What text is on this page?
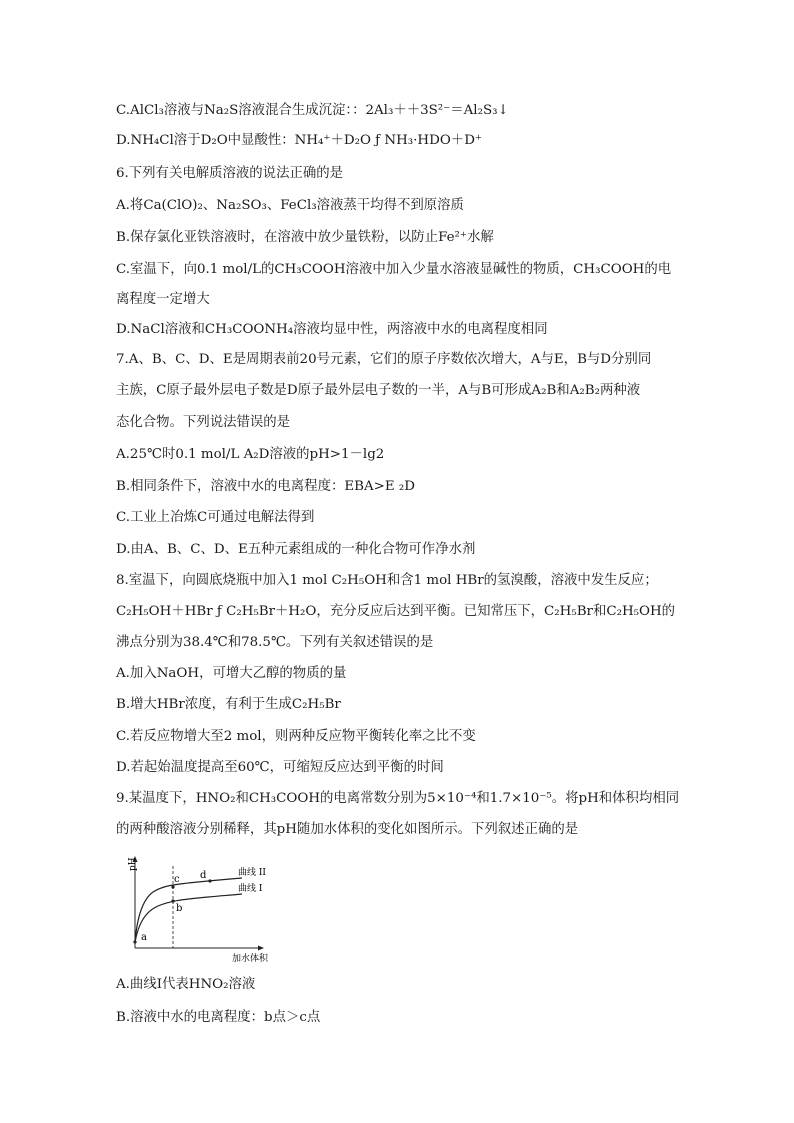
C.AlCl₃溶液与Na₂S溶液混合生成沉淀：：2Al₃＋＋3S²⁻＝Al₂S₃↓
D.NH₄Cl溶于D₂O中显酸性：NH₄⁺＋D₂O ƒ NH₃·HDO＋D⁺
6.下列有关电解质溶液的说法正确的是
A.将Ca(ClO)₂、Na₂SO₃、FeCl₃溶液蒸干均得不到原溶质
B.保存氯化亚铁溶液时，在溶液中放少量铁粉，以防止Fe²⁺水解
C.室温下，向0.1 mol/L的CH₃COOH溶液中加入少量水溶液显碱性的物质，CH₃COOH的电
离程度一定增大
D.NaCl溶液和CH₃COONH₄溶液均显中性，两溶液中水的电离程度相同
7.A、B、C、D、E是周期表前20号元素，它们的原子序数依次增大，A与E，B与D分别同
主族，C原子最外层电子数是D原子最外层电子数的一半，A与B可形成A₂B和A₂B₂两种液
态化合物。下列说法错误的是
A.25℃时0.1 mol/L A₂D溶液的pH>1－lg2
B.相同条件下，溶液中水的电离程度：EBA>E ₂D
C.工业上冶炼C可通过电解法得到
D.由A、B、C、D、E五种元素组成的一种化合物可作净水剂
8.室温下，向圆底烧瓶中加入1 mol C₂H₅OH和含1 mol HBr的氢溴酸，溶液中发生反应；
C₂H₅OH＋HBr ƒ C₂H₅Br＋H₂O，充分反应后达到平衡。已知常压下，C₂H₅Br和C₂H₅OH的
沸点分别为38.4℃和78.5℃。下列有关叙述错误的是
A.加入NaOH，可增大乙醇的物质的量
B.增大HBr浓度，有利于生成C₂H₅Br
C.若反应物增大至2 mol，则两种反应物平衡转化率之比不变
D.若起始温度提高至60℃，可缩短反应达到平衡的时间
9.某温度下，HNO₂和CH₃COOH的电离常数分别为5×10⁻⁴和1.7×10⁻⁵。将pH和体积均相同
的两种酸溶液分别稀释，其pH随加水体积的变化如图所示。下列叙述正确的是
pH
加水体积
曲线 II
曲线 I
a
b
c d
A.曲线Ⅰ代表HNO₂溶液
B.溶液中水的电离程度：b点＞c点
